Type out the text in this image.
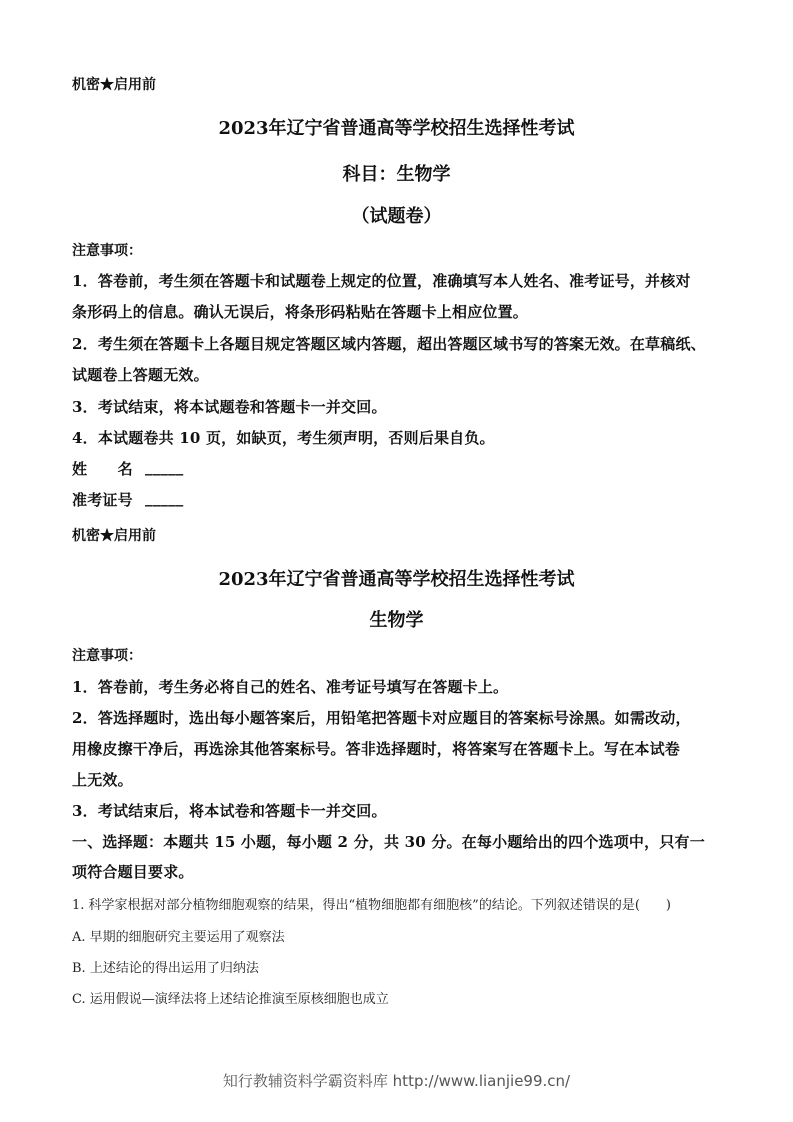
机密★启用前
2023年辽宁省普通高等学校招生选择性考试
科目：生物学
（试题卷）
注意事项：
1．答卷前，考生须在答题卡和试题卷上规定的位置，准确填写本人姓名、准考证号，并核对
条形码上的信息。确认无误后，将条形码粘贴在答题卡上相应位置。
2．考生须在答题卡上各题目规定答题区域内答题，超出答题区域书写的答案无效。在草稿纸、
试题卷上答题无效。
3．考试结束，将本试题卷和答题卡一并交回。
4．本试题卷共 10 页，如缺页，考生须声明，否则后果自负。
姓　　名 _____
准考证号 _____
机密★启用前
2023年辽宁省普通高等学校招生选择性考试
生物学
注意事项：
1．答卷前，考生务必将自己的姓名、准考证号填写在答题卡上。
2．答选择题时，选出每小题答案后，用铅笔把答题卡对应题目的答案标号涂黑。如需改动，
用橡皮擦干净后，再选涂其他答案标号。答非选择题时，将答案写在答题卡上。写在本试卷
上无效。
3．考试结束后，将本试卷和答题卡一并交回。
一、选择题：本题共 15 小题，每小题 2 分，共 30 分。在每小题给出的四个选项中，只有一
项符合题目要求。
1. 科学家根据对部分植物细胞观察的结果，得出“植物细胞都有细胞核”的结论。下列叙述错误的是(　　)
A. 早期的细胞研究主要运用了观察法
B. 上述结论的得出运用了归纳法
C. 运用假说—演绎法将上述结论推演至原核细胞也成立
知行教辅资料学霸资料库 http://www.lianjie99.cn/
